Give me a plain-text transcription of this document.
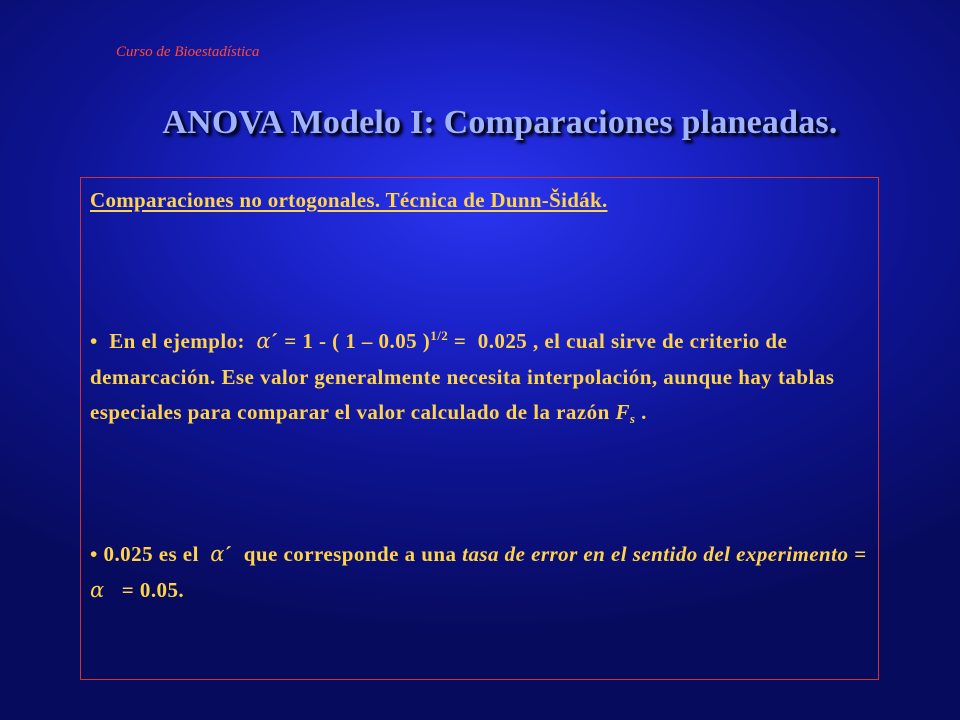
Curso de Bioestadística
ANOVA Modelo I: Comparaciones planeadas.
Comparaciones no ortogonales. Técnica de Dunn-Šidák.
• En el ejemplo: α´ = 1 - ( 1 – 0.05 )$^{1/2}$ = 0.025 , el cual sirve de criterio de demarcación. Ese valor generalmente necesita interpolación, aunque hay tablas especiales para comparar el valor calculado de la razón $F_s$ .
• 0.025 es el α´ que corresponde a una tasa de error en el sentido del experimento =  α = 0.05.
